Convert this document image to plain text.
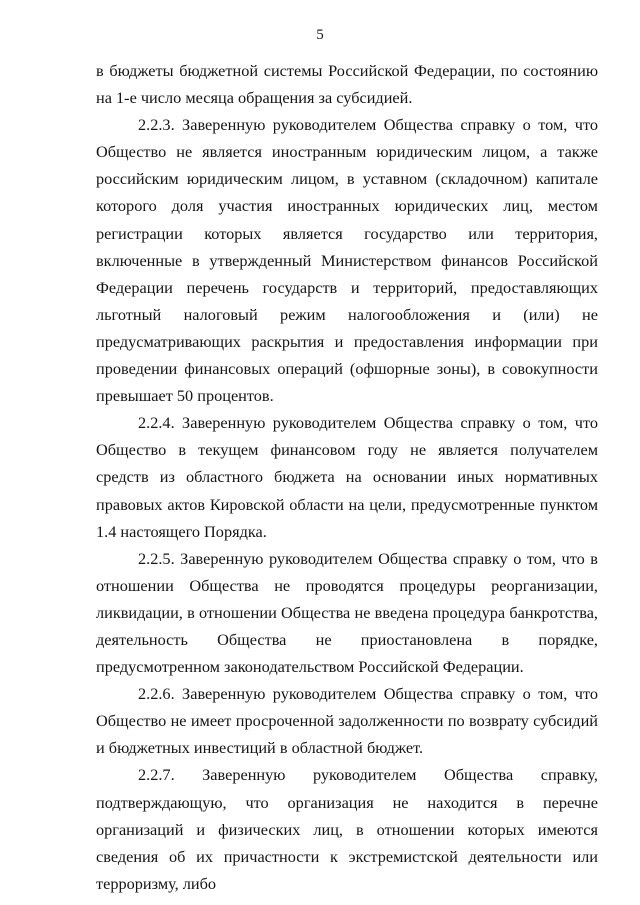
5

в бюджеты бюджетной системы Российской Федерации, по состоянию на 1-е число месяца обращения за субсидией.

2.2.3. Заверенную руководителем Общества справку о том, что Общество не является иностранным юридическим лицом, а также российским юридическим лицом, в уставном (складочном) капитале которого доля участия иностранных юридических лиц, местом регистрации которых является государство или территория, включенные в утвержденный Министерством финансов Российской Федерации перечень государств и территорий, предоставляющих льготный налоговый режим налогообложения и (или) не предусматривающих раскрытия и предоставления информации при проведении финансовых операций (офшорные зоны), в совокупности превышает 50 процентов.

2.2.4. Заверенную руководителем Общества справку о том, что Общество в текущем финансовом году не является получателем средств из областного бюджета на основании иных нормативных правовых актов Кировской области на цели, предусмотренные пунктом 1.4 настоящего Порядка.

2.2.5. Заверенную руководителем Общества справку о том, что в отношении Общества не проводятся процедуры реорганизации, ликвидации, в отношении Общества не введена процедура банкротства, деятельность Общества не приостановлена в порядке, предусмотренном законодательством Российской Федерации.

2.2.6. Заверенную руководителем Общества справку о том, что Общество не имеет просроченной задолженности по возврату субсидий и бюджетных инвестиций в областной бюджет.

2.2.7. Заверенную руководителем Общества справку, подтверждающую, что организация не находится в перечне организаций и физических лиц, в отношении которых имеются сведения об их причастности к экстремистской деятельности или терроризму, либо
